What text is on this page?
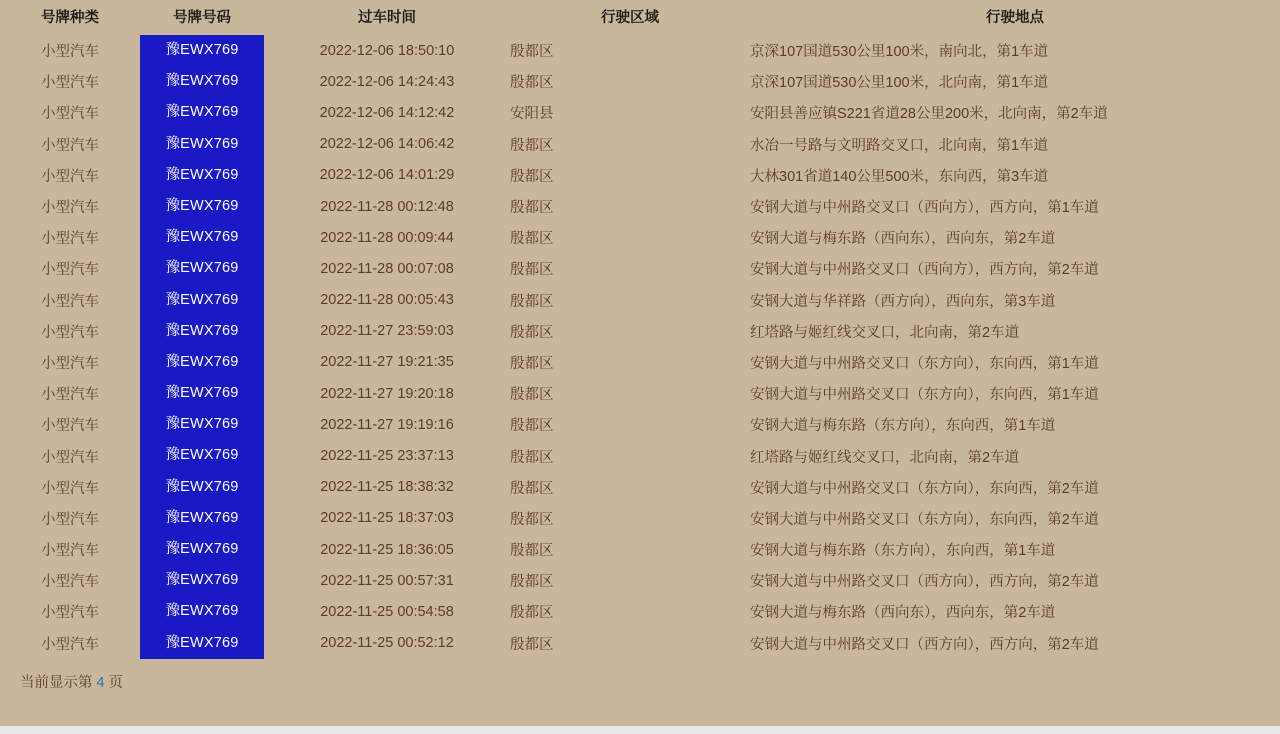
号牌种类	号牌号码	过车时间	行驶区域	行驶地点
小型汽车	豫EWX769	2022-12-06 18:50:10	殷都区	京深107国道530公里100米，南向北，第1车道

小型汽车	豫EWX769	2022-12-06 14:24:43	殷都区	京深107国道530公里100米，北向南，第1车道

小型汽车	豫EWX769	2022-12-06 14:12:42	安阳县	安阳县善应镇S221省道28公里200米，北向南，第2车道

小型汽车	豫EWX769	2022-12-06 14:06:42	殷都区	水冶一号路与文明路交叉口，北向南，第1车道

小型汽车	豫EWX769	2022-12-06 14:01:29	殷都区	大林301省道140公里500米，东向西，第3车道

小型汽车	豫EWX769	2022-11-28 00:12:48	殷都区	安钢大道与中州路交叉口（西向方），西方向，第1车道

小型汽车	豫EWX769	2022-11-28 00:09:44	殷都区	安钢大道与梅东路（西向东），西向东，第2车道

小型汽车	豫EWX769	2022-11-28 00:07:08	殷都区	安钢大道与中州路交叉口（西向方），西方向，第2车道

小型汽车	豫EWX769	2022-11-28 00:05:43	殷都区	安钢大道与华祥路（西方向），西向东，第3车道

小型汽车	豫EWX769	2022-11-27 23:59:03	殷都区	红塔路与姬红线交叉口，北向南，第2车道

小型汽车	豫EWX769	2022-11-27 19:21:35	殷都区	安钢大道与中州路交叉口（东方向），东向西，第1车道

小型汽车	豫EWX769	2022-11-27 19:20:18	殷都区	安钢大道与中州路交叉口（东方向），东向西，第1车道

小型汽车	豫EWX769	2022-11-27 19:19:16	殷都区	安钢大道与梅东路（东方向），东向西，第1车道

小型汽车	豫EWX769	2022-11-25 23:37:13	殷都区	红塔路与姬红线交叉口，北向南，第2车道

小型汽车	豫EWX769	2022-11-25 18:38:32	殷都区	安钢大道与中州路交叉口（东方向），东向西，第2车道

小型汽车	豫EWX769	2022-11-25 18:37:03	殷都区	安钢大道与中州路交叉口（东方向），东向西，第2车道

小型汽车	豫EWX769	2022-11-25 18:36:05	殷都区	安钢大道与梅东路（东方向），东向西，第1车道

小型汽车	豫EWX769	2022-11-25 00:57:31	殷都区	安钢大道与中州路交叉口（西方向），西方向，第2车道

小型汽车	豫EWX769	2022-11-25 00:54:58	殷都区	安钢大道与梅东路（西向东），西向东，第2车道

小型汽车	豫EWX769	2022-11-25 00:52:12	殷都区	安钢大道与中州路交叉口（西方向），西方向，第2车道
当前显示第 4 页
